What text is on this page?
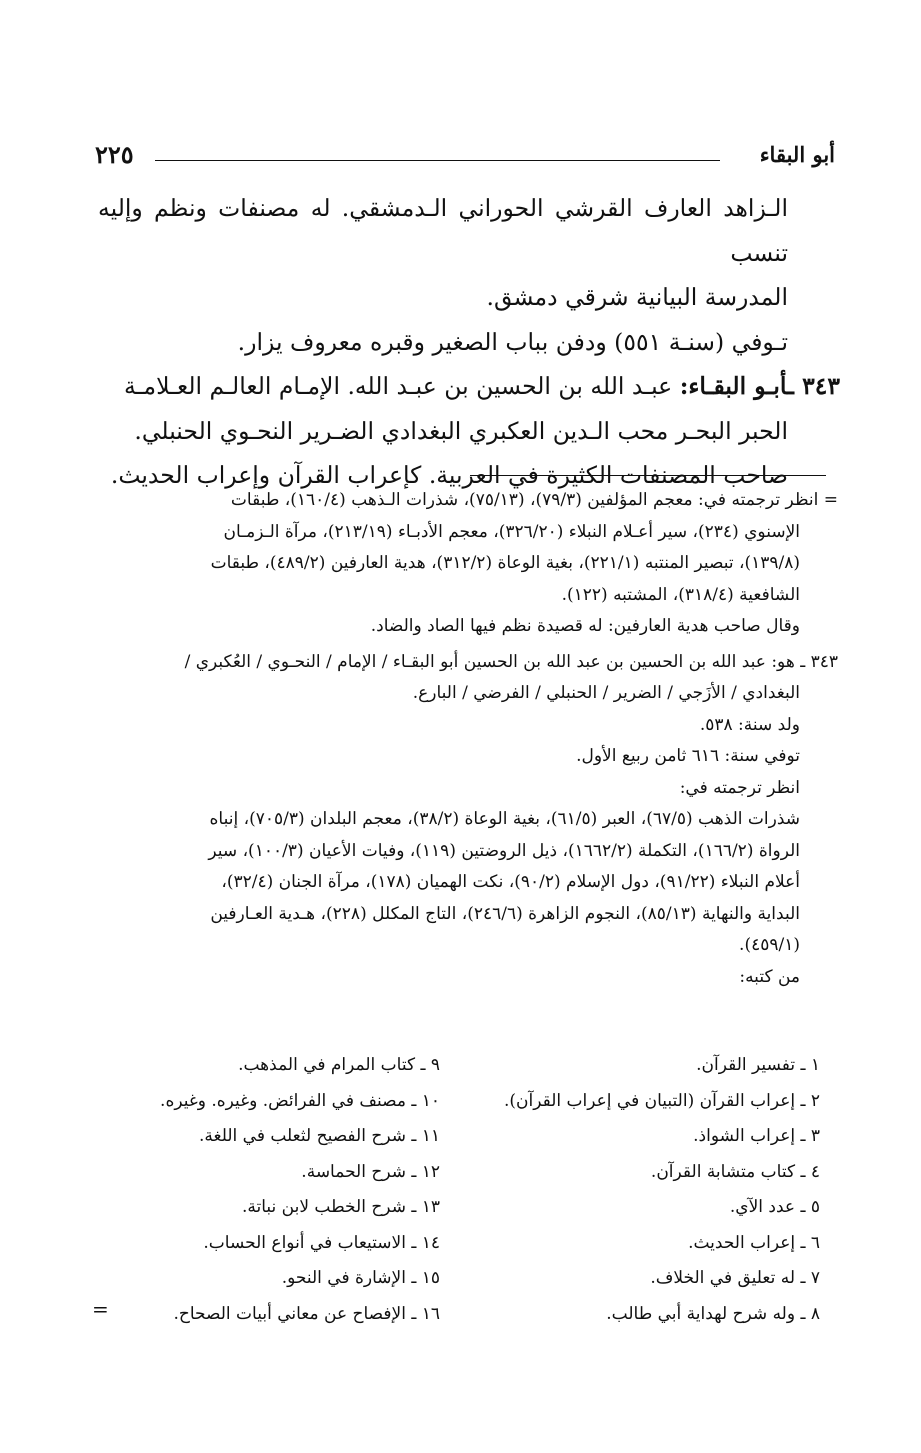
أبو البقاء
٢٢٥

الـزاهد العارف القرشي الحوراني الـدمشقي. له مصنفات ونظم وإليه تنسب

المدرسة البيانية شرقي دمشق.

تـوفي (سنـة ٥٥١) ودفن بباب الصغير وقبره معروف يزار.

٣٤٣ ـأبـو البقـاء: عبـد الله بن الحسين بن عبـد الله. الإمـام العالـم العـلامـة

الحبر البحـر محب الـدين العكبري البغدادي الضـرير النحـوي الحنبلي.

صاحب المصنفات الكثيرة في العربية. كإعراب القرآن وإعراب الحديث.

= انظر ترجمته في: معجم المؤلفين (٧٩/٣)، (٧٥/١٣)، شذرات الـذهب (١٦٠/٤)، طبقات

الإسنوي (٢٣٤)، سير أعـلام النبلاء (٣٢٦/٢٠)، معجم الأدبـاء (٢١٣/١٩)، مرآة الـزمـان

(١٣٩/٨)، تبصير المنتبه (٢٢١/١)، بغية الوعاة (٣١٢/٢)، هدية العارفين (٤٨٩/٢)، طبقات

الشافعية (٣١٨/٤)، المشتبه (١٢٢).

وقال صاحب هدية العارفين: له قصيدة نظم فيها الصاد والضاد.

٣٤٣ ـ هو: عبد الله بن الحسين بن عبد الله بن الحسين أبو البقـاء / الإمام / النحـوي / العُكبري /

البغدادي / الأزَجي / الضرير / الحنبلي / الفرضي / البارع.

ولد سنة: ٥٣٨.

توفي سنة: ٦١٦ ثامن ربيع الأول.

انظر ترجمته في:

شذرات الذهب (٦٧/٥)، العبر (٦١/٥)، بغية الوعاة (٣٨/٢)، معجم البلدان (٧٠٥/٣)، إنباه

الرواة (١٦٦/٢)، التكملة (١٦٦٢/٢)، ذيل الروضتين (١١٩)، وفيات الأعيان (١٠٠/٣)، سير

أعلام النبلاء (٩١/٢٢)، دول الإسلام (٩٠/٢)، نكت الهميان (١٧٨)، مرآة الجنان (٣٢/٤)،

البداية والنهاية (٨٥/١٣)، النجوم الزاهرة (٢٤٦/٦)، التاج المكلل (٢٢٨)، هـدية العـارفين

(٤٥٩/١).

من كتبه:

١ ـ تفسير القرآن.
٢ ـ إعراب القرآن (التبيان في إعراب القرآن).
٣ ـ إعراب الشواذ.
٤ ـ كتاب متشابة القرآن.
٥ ـ عدد الآي.
٦ ـ إعراب الحديث.
٧ ـ له تعليق في الخلاف.
٨ ـ وله شرح لهداية أبي طالب.
٩ ـ كتاب المرام في المذهب.
١٠ ـ مصنف في الفرائض. وغيره. وغيره.
١١ ـ شرح الفصيح لثعلب في اللغة.
١٢ ـ شرح الحماسة.
١٣ ـ شرح الخطب لابن نباتة.
١٤ ـ الاستيعاب في أنواع الحساب.
١٥ ـ الإشارة في النحو.
١٦ ـ الإفصاح عن معاني أبيات الصحاح.
=
